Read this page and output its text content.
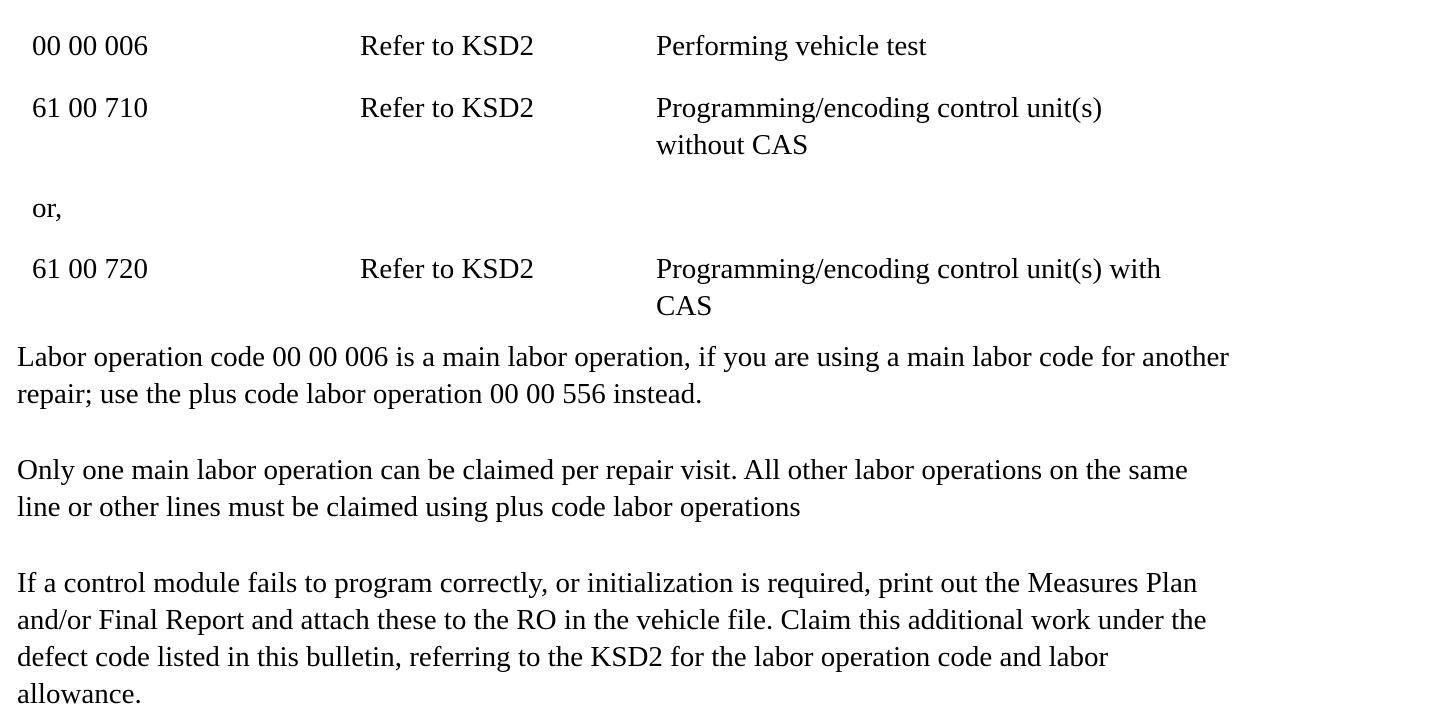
00 00 006	Refer to KSD2	Performing vehicle test
61 00 710	Refer to KSD2	Programming/encoding control unit(s)
without CAS
or,
61 00 720	Refer to KSD2	Programming/encoding control unit(s) with
CAS
Labor operation code 00 00 006 is a main labor operation, if you are using a main labor code for another
repair; use the plus code labor operation 00 00 556 instead.
Only one main labor operation can be claimed per repair visit. All other labor operations on the same
line or other lines must be claimed using plus code labor operations
If a control module fails to program correctly, or initialization is required, print out the Measures Plan
and/or Final Report and attach these to the RO in the vehicle file. Claim this additional work under the
defect code listed in this bulletin, referring to the KSD2 for the labor operation code and labor
allowance.
